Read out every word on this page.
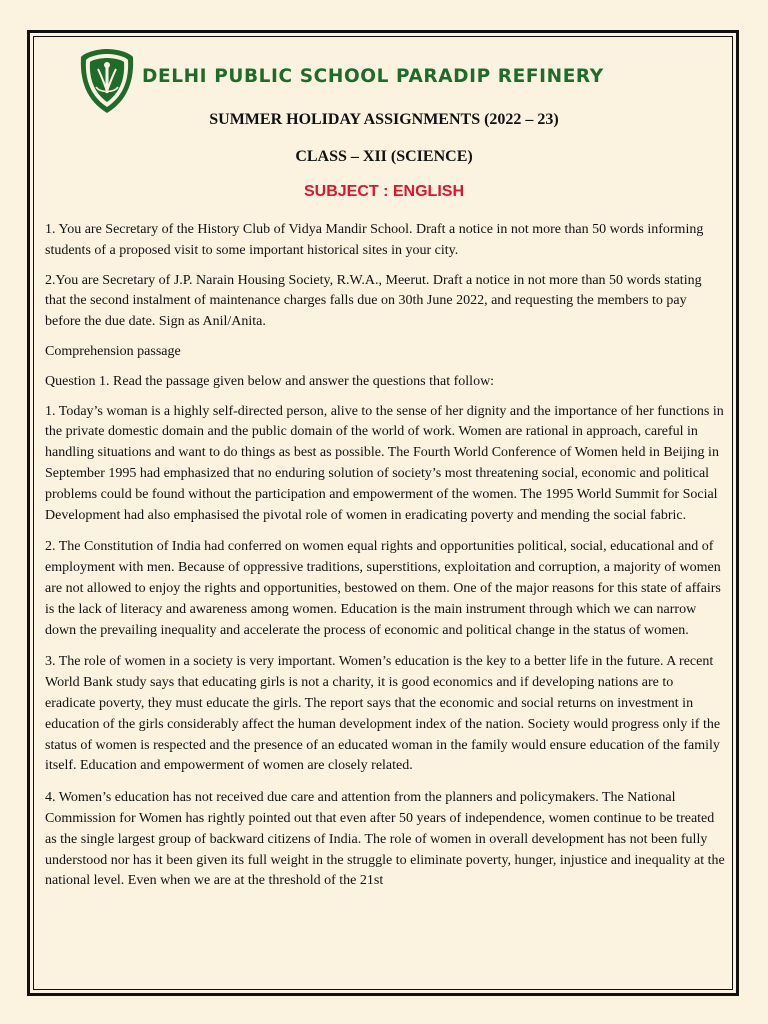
DELHI PUBLIC SCHOOL PARADIP REFINERY
SUMMER HOLIDAY ASSIGNMENTS (2022 – 23)
CLASS – XII (SCIENCE)
SUBJECT : ENGLISH

1. You are Secretary of the History Club of Vidya Mandir School. Draft a notice in not more than 50 words informing students of a proposed visit to some important historical sites in your city.

2.You are Secretary of J.P. Narain Housing Society, R.W.A., Meerut. Draft a notice in not more than 50 words stating that the second instalment of maintenance charges falls due on 30th June 2022, and requesting the members to pay before the due date. Sign as Anil/Anita.

Comprehension passage

Question 1. Read the passage given below and answer the questions that follow:

1. Today’s woman is a highly self-directed person, alive to the sense of her dignity and the importance of her functions in the private domestic domain and the public domain of the world of work. Women are rational in approach, careful in handling situations and want to do things as best as possible. The Fourth World Conference of Women held in Beijing in September 1995 had emphasized that no enduring solution of society’s most threatening social, economic and political problems could be found without the participation and empowerment of the women. The 1995 World Summit for Social Development had also emphasised the pivotal role of women in eradicating poverty and mending the social fabric.

2. The Constitution of India had conferred on women equal rights and opportunities political, social, educational and of employment with men. Because of oppressive traditions, superstitions, exploitation and corruption, a majority of women are not allowed to enjoy the rights and opportunities, bestowed on them. One of the major reasons for this state of affairs is the lack of literacy and awareness among women. Education is the main instrument through which we can narrow down the prevailing inequality and accelerate the process of economic and political change in the status of women.

3. The role of women in a society is very important. Women’s education is the key to a better life in the future. A recent World Bank study says that educating girls is not a charity, it is good economics and if developing nations are to eradicate poverty, they must educate the girls. The report says that the economic and social returns on investment in education of the girls considerably affect the human development index of the nation. Society would progress only if the status of women is respected and the presence of an educated woman in the family would ensure education of the family itself. Education and empowerment of women are closely related.

4. Women’s education has not received due care and attention from the planners and policymakers. The National Commission for Women has rightly pointed out that even after 50 years of independence, women continue to be treated as the single largest group of backward citizens of India. The role of women in overall development has not been fully understood nor has it been given its full weight in the struggle to eliminate poverty, hunger, injustice and inequality at the national level. Even when we are at the threshold of the 21st
